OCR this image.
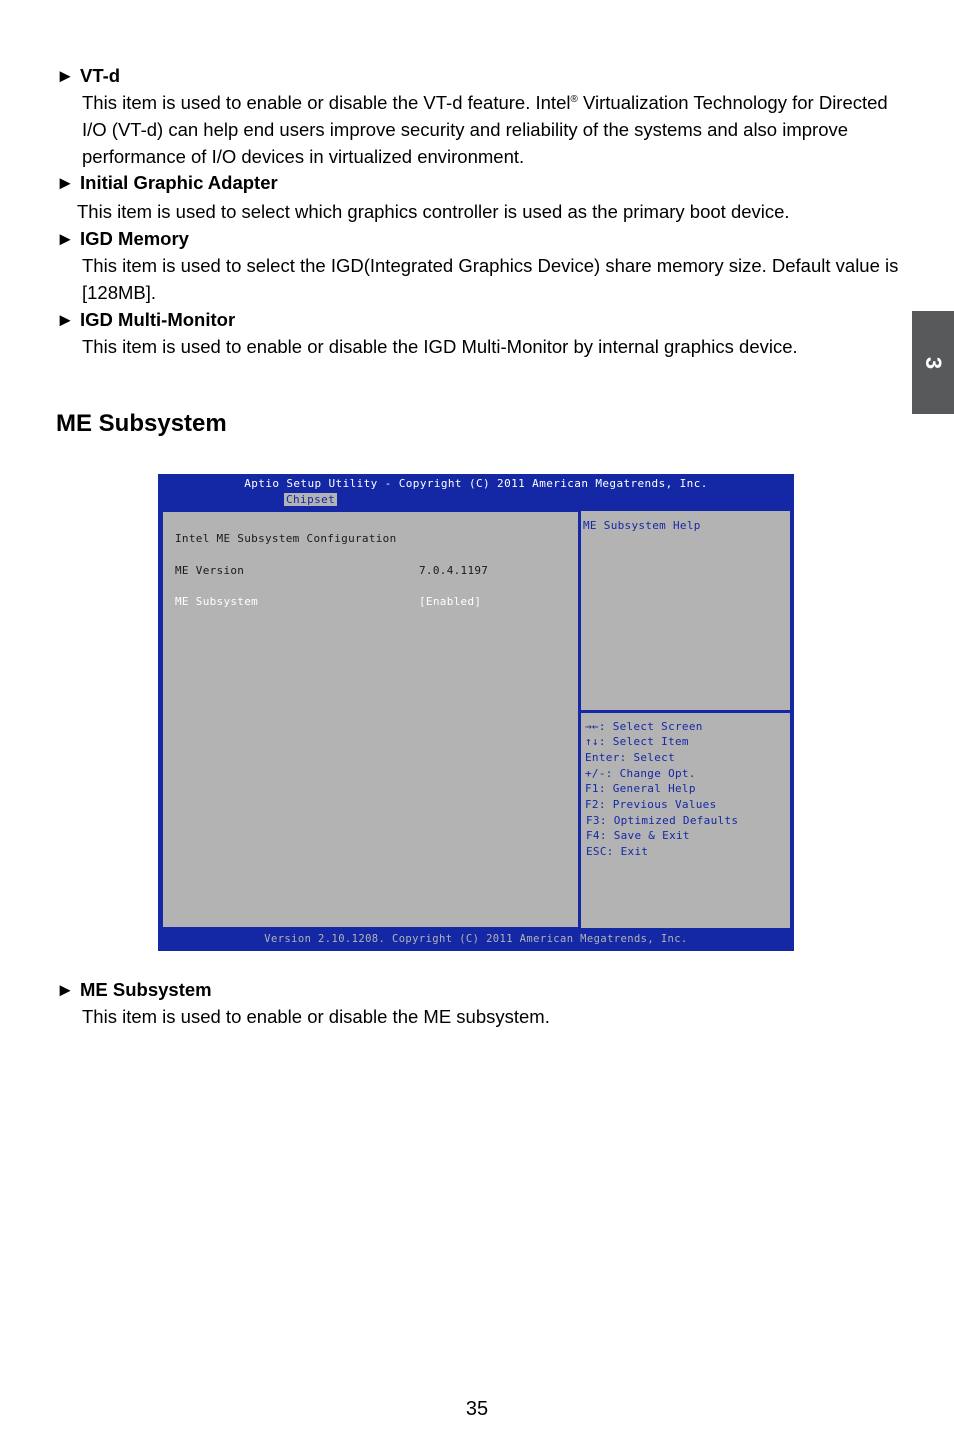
► VT-d
This item is used to enable or disable the VT-d feature. Intel® Virtualization Technology for Directed I/O (VT-d) can help end users improve security and reliability of the systems and also improve performance of I/O devices in virtualized environment.
► Initial Graphic Adapter
This item is used to select which graphics controller is used as the primary boot device.
► IGD Memory
This item is used to select the IGD(Integrated Graphics Device) share memory size. Default value is [128MB].
► IGD Multi-Monitor
This item is used to enable or disable the IGD Multi-Monitor by internal graphics device.
3
ME Subsystem
Aptio Setup Utility - Copyright (C) 2011 American Megatrends, Inc.
Chipset
Intel ME Subsystem Configuration
ME Version	7.0.4.1197
ME Subsystem	[Enabled]
ME Subsystem Help
→←: Select Screen
↑↓: Select Item
Enter: Select
+/-: Change Opt.
F1: General Help
F2: Previous Values
F3: Optimized Defaults
F4: Save & Exit
ESC: Exit
Version 2.10.1208. Copyright (C) 2011 American Megatrends, Inc.
► ME Subsystem
This item is used to enable or disable the ME subsystem.
35
